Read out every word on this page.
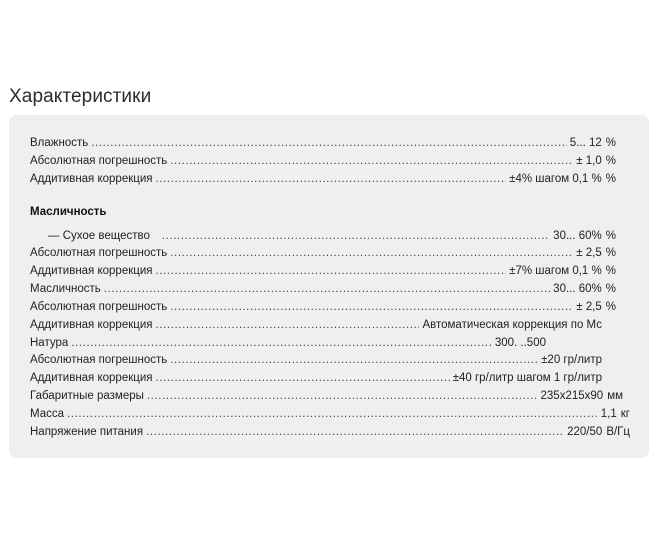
Характеристики
Влажность .....	5... 12 %
Абсолютная погрешность .....	± 1,0 %
Аддитивная коррекция .....	±4% шагом 0,1 % %
Масличность
— Сухое вещество .....	30... 60% %
Абсолютная погрешность .....	± 2,5 %
Аддитивная коррекция .....	±7% шагом 0,1 % %
Масличность .....	30... 60% %
Абсолютная погрешность .....	± 2,5 %
Аддитивная коррекция .....	Автоматическая коррекция по Мс
Натура .....	300. ..500
Абсолютная погрешность .....	±20 гр/литр
Аддитивная коррекция .....	±40 гр/литр шагом 1 гр/литр
Габаритные размеры .....	235x215x90 мм
Масса .....	1,1 кг
Напряжение питания .....	220/50 В/Гц
